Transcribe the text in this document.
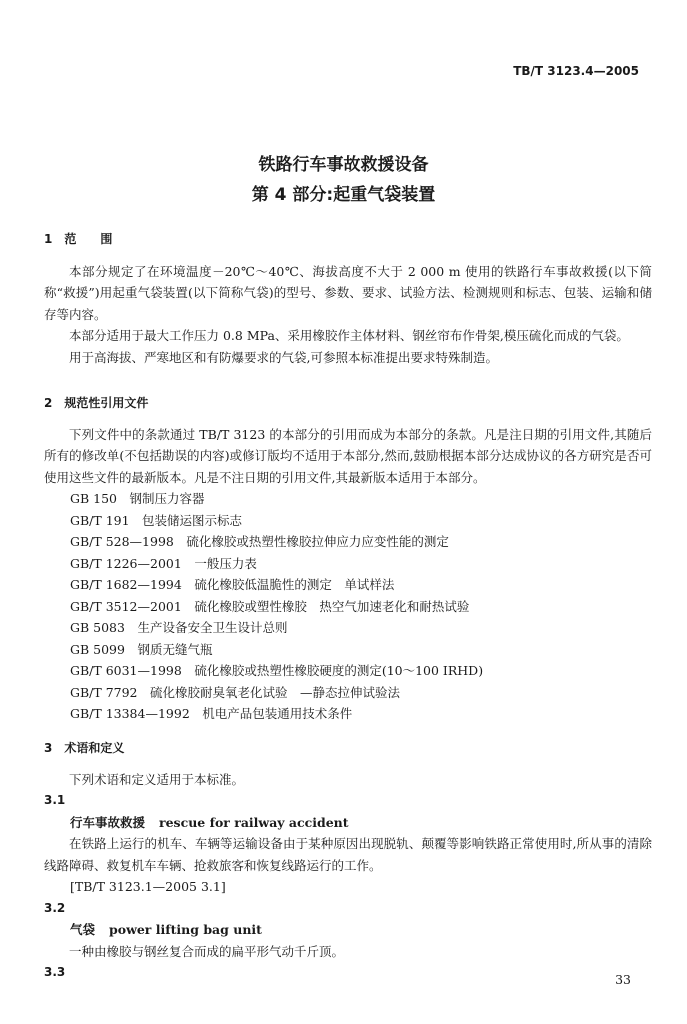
TB/T 3123.4—2005
铁路行车事故救援设备
第 4 部分:起重气袋装置
1　范　　围

本部分规定了在环境温度－20℃～40℃、海拔高度不大于 2 000 m 使用的铁路行车事故救援(以下简称“救援”)用起重气袋装置(以下简称气袋)的型号、参数、要求、试验方法、检测规则和标志、包装、运输和储存等内容。

本部分适用于最大工作压力 0.8 MPa、采用橡胶作主体材料、钢丝帘布作骨架,模压硫化而成的气袋。

用于高海拔、严寒地区和有防爆要求的气袋,可参照本标准提出要求特殊制造。

2　规范性引用文件

下列文件中的条款通过 TB/T 3123 的本部分的引用而成为本部分的条款。凡是注日期的引用文件,其随后所有的修改单(不包括勘误的内容)或修订版均不适用于本部分,然而,鼓励根据本部分达成协议的各方研究是否可使用这些文件的最新版本。凡是不注日期的引用文件,其最新版本适用于本部分。

GB 150　钢制压力容器

GB/T 191　包装储运图示标志

GB/T 528—1998　硫化橡胶或热塑性橡胶拉伸应力应变性能的测定

GB/T 1226—2001　一般压力表

GB/T 1682—1994　硫化橡胶低温脆性的测定　单试样法

GB/T 3512—2001　硫化橡胶或塑性橡胶　热空气加速老化和耐热试验

GB 5083　生产设备安全卫生设计总则

GB 5099　钢质无缝气瓶

GB/T 6031—1998　硫化橡胶或热塑性橡胶硬度的测定(10～100 IRHD)

GB/T 7792　硫化橡胶耐臭氧老化试验　—静态拉伸试验法

GB/T 13384—1992　机电产品包装通用技术条件

3　术语和定义

下列术语和定义适用于本标准。

3.1

行车事故救援 rescue for railway accident

在铁路上运行的机车、车辆等运输设备由于某种原因出现脱轨、颠覆等影响铁路正常使用时,所从事的清除线路障碍、救复机车车辆、抢救旅客和恢复线路运行的工作。

[TB/T 3123.1—2005 3.1]

3.2

气袋 power lifting bag unit

一种由橡胶与钢丝复合而成的扁平形气动千斤顶。

3.3	33
